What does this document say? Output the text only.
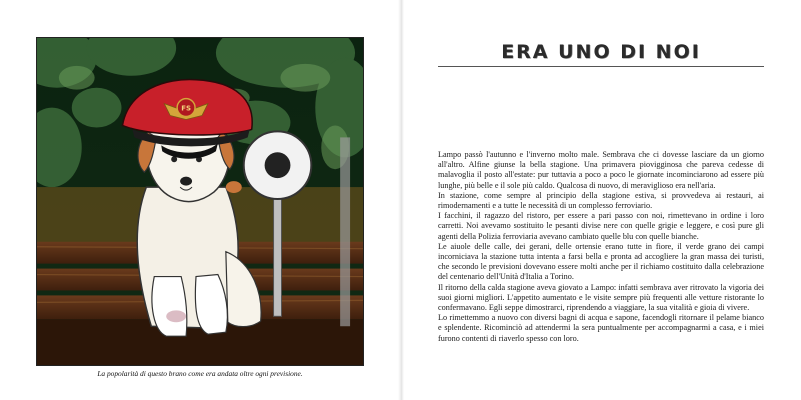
FS
La popolarità di questo brano come era andata oltre ogni previsione.
ERA UNO DI NOI

Lampo passò l'autunno e l'inverno molto male. Sembrava che ci dovesse lasciare da un giorno all'altro. Alfine giunse la bella stagione. Una primavera piovigginosa che pareva cedesse di malavoglia il posto all'estate: pur tuttavia a poco a poco le giornate incominciarono ad essere più lunghe, più belle e il sole più caldo. Qualcosa di nuovo, di meraviglioso era nell'aria.

In stazione, come sempre al principio della stagione estiva, si provvedeva ai restauri, ai rimodernamenti e a tutte le necessità di un complesso ferroviario.

I facchini, il ragazzo del ristoro, per essere a pari passo con noi, rimettevano in ordine i loro carretti. Noi avevamo sostituito le pesanti divise nere con quelle grigie e leggere, e così pure gli agenti della Polizia ferroviaria avevano cambiato quelle blu con quelle bianche.

Le aiuole delle calle, dei gerani, delle ortensie erano tutte in fiore, il verde grano dei campi incorniciava la stazione tutta intenta a farsi bella e pronta ad accogliere la gran massa dei turisti, che secondo le previsioni dovevano essere molti anche per il richiamo costituito dalla celebrazione del centenario dell'Unità d'Italia a Torino.

Il ritorno della calda stagione aveva giovato a Lampo: infatti sembrava aver ritrovato la vigoria dei suoi giorni migliori. L'appetito aumentato e le visite sempre più frequenti alle vetture ristorante lo confermavano. Egli seppe dimostrarci, riprendendo a viaggiare, la sua vitalità e gioia di vivere.

Lo rimettemmo a nuovo con diversi bagni di acqua e sapone, facendogli ritornare il pelame bianco e splendente. Ricominciò ad attendermi la sera puntualmente per accompagnarmi a casa, e i miei furono contenti di riaverlo spesso con loro.
